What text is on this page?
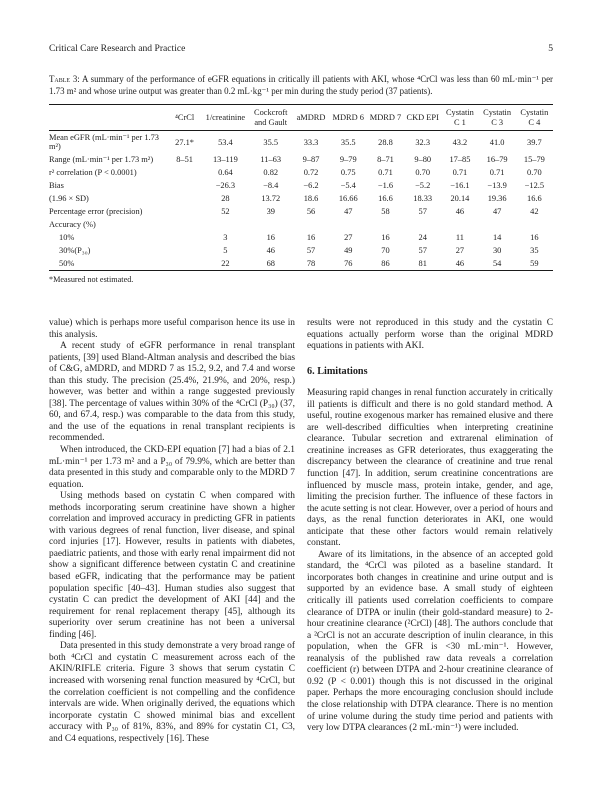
Critical Care Research and Practice	5
Table 3: A summary of the performance of eGFR equations in critically ill patients with AKI, whose ⁴CrCl was less than 60 mL·min⁻¹ per 1.73 m² and whose urine output was greater than 0.2 mL·kg⁻¹ per min during the study period (37 patients).
	⁴CrCl	1/creatinine	Cockcroft and Gault	aMDRD	MDRD 6	MDRD 7	CKD EPI	Cystatin C 1	Cystatin C 3	Cystatin C 4
Mean eGFR (mL·min⁻¹ per 1.73 m²)	27.1*	53.4	35.5	33.3	35.5	28.8	32.3	43.2	41.0	39.7
Range (mL·min⁻¹ per 1.73 m²)	8–51	13–119	11–63	9–87	9–79	8–71	9–80	17–85	16–79	15–79
r² correlation (P < 0.0001)		0.64	0.82	0.72	0.75	0.71	0.70	0.71	0.71	0.70
Bias		−26.3	−8.4	−6.2	−5.4	−1.6	−5.2	−16.1	−13.9	−12.5
(1.96 × SD)		28	13.72	18.6	16.66	16.6	18.33	20.14	19.36	16.6
Percentage error (precision)		52	39	56	47	58	57	46	47	42
Accuracy (%)										
10%		3	16	16	27	16	24	11	14	16
30%(P₃₀)		5	46	57	49	70	57	27	30	35
50%		22	68	78	76	86	81	46	54	59
*Measured not estimated.

value) which is perhaps more useful comparison hence its use in this analysis.

A recent study of eGFR performance in renal transplant patients, [39] used Bland-Altman analysis and described the bias of C&G, aMDRD, and MDRD 7 as 15.2, 9.2, and 7.4 and worse than this study. The precision (25.4%, 21.9%, and 20%, resp.) however, was better and within a range suggested previously [38]. The percentage of values within 30% of the ⁴CrCl (P₃₀) (37, 60, and 67.4, resp.) was comparable to the data from this study, and the use of the equations in renal transplant recipients is recommended.

When introduced, the CKD-EPI equation [7] had a bias of 2.1 mL·min⁻¹ per 1.73 m² and a P₃₀ of 79.9%, which are better than data presented in this study and comparable only to the MDRD 7 equation.

Using methods based on cystatin C when compared with methods incorporating serum creatinine have shown a higher correlation and improved accuracy in predicting GFR in patients with various degrees of renal function, liver disease, and spinal cord injuries [17]. However, results in patients with diabetes, paediatric patients, and those with early renal impairment did not show a significant difference between cystatin C and creatinine based eGFR, indicating that the performance may be patient population specific [40–43]. Human studies also suggest that cystatin C can predict the development of AKI [44] and the requirement for renal replacement therapy [45], although its superiority over serum creatinine has not been a universal finding [46].

Data presented in this study demonstrate a very broad range of both ⁴CrCl and cystatin C measurement across each of the AKIN/RIFLE criteria. Figure 3 shows that serum cystatin C increased with worsening renal function measured by ⁴CrCl, but the correlation coefficient is not compelling and the confidence intervals are wide. When originally derived, the equations which incorporate cystatin C showed minimal bias and excellent accuracy with P₃₀ of 81%, 83%, and 89% for cystatin C1, C3, and C4 equations, respectively [16]. These

results were not reproduced in this study and the cystatin C equations actually perform worse than the original MDRD equations in patients with AKI.

6. Limitations

Measuring rapid changes in renal function accurately in critically ill patients is difficult and there is no gold standard method. A useful, routine exogenous marker has remained elusive and there are well-described difficulties when interpreting creatinine clearance. Tubular secretion and extrarenal elimination of creatinine increases as GFR deteriorates, thus exaggerating the discrepancy between the clearance of creatinine and true renal function [47]. In addition, serum creatinine concentrations are influenced by muscle mass, protein intake, gender, and age, limiting the precision further. The influence of these factors in the acute setting is not clear. However, over a period of hours and days, as the renal function deteriorates in AKI, one would anticipate that these other factors would remain relatively constant.

Aware of its limitations, in the absence of an accepted gold standard, the ⁴CrCl was piloted as a baseline standard. It incorporates both changes in creatinine and urine output and is supported by an evidence base. A small study of eighteen critically ill patients used correlation coefficients to compare clearance of DTPA or inulin (their gold-standard measure) to 2-hour creatinine clearance (²CrCl) [48]. The authors conclude that a ²CrCl is not an accurate description of inulin clearance, in this population, when the GFR is <30 mL·min⁻¹. However, reanalysis of the published raw data reveals a correlation coefficient (r) between DTPA and 2-hour creatinine clearance of 0.92 (P < 0.001) though this is not discussed in the original paper. Perhaps the more encouraging conclusion should include the close relationship with DTPA clearance. There is no mention of urine volume during the study time period and patients with very low DTPA clearances (2 mL·min⁻¹) were included.
